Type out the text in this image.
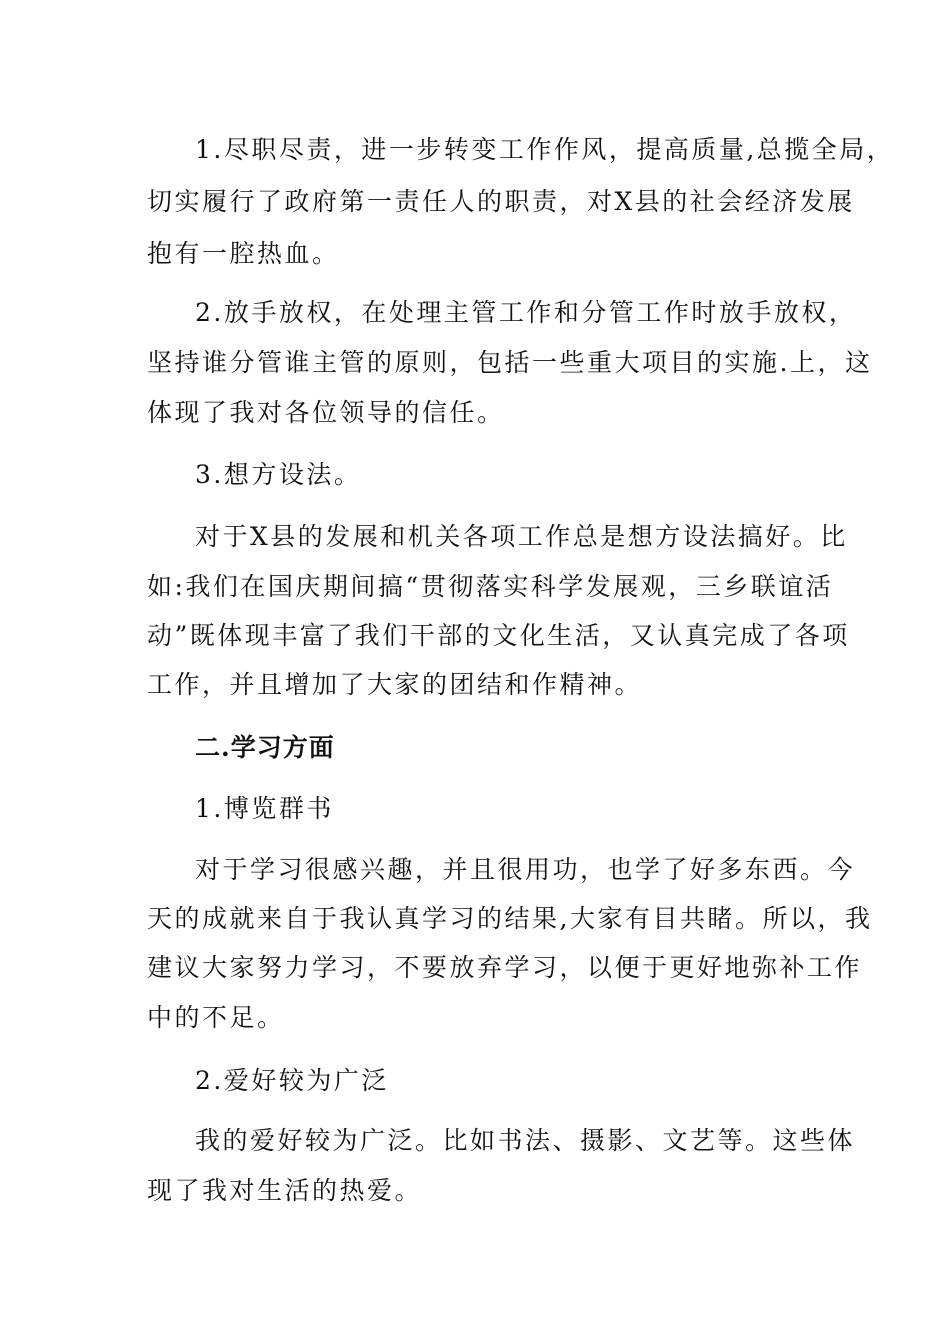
1.尽职尽责，进一步转变工作作风，提高质量,总揽全局，
切实履行了政府第一责任人的职责，对X县的社会经济发展
抱有一腔热血。
2.放手放权，在处理主管工作和分管工作时放手放权，
坚持谁分管谁主管的原则，包括一些重大项目的实施.上，这
体现了我对各位领导的信任。
3.想方设法。
对于X县的发展和机关各项工作总是想方设法搞好。比
如:我们在国庆期间搞“贯彻落实科学发展观，三乡联谊活
动”既体现丰富了我们干部的文化生活，又认真完成了各项
工作，并且增加了大家的团结和作精神。
二.学习方面
1.博览群书
对于学习很感兴趣，并且很用功，也学了好多东西。今
天的成就来自于我认真学习的结果,大家有目共睹。所以，我
建议大家努力学习，不要放弃学习，以便于更好地弥补工作
中的不足。
2.爱好较为广泛
我的爱好较为广泛。比如书法、摄影、文艺等。这些体
现了我对生活的热爱。
